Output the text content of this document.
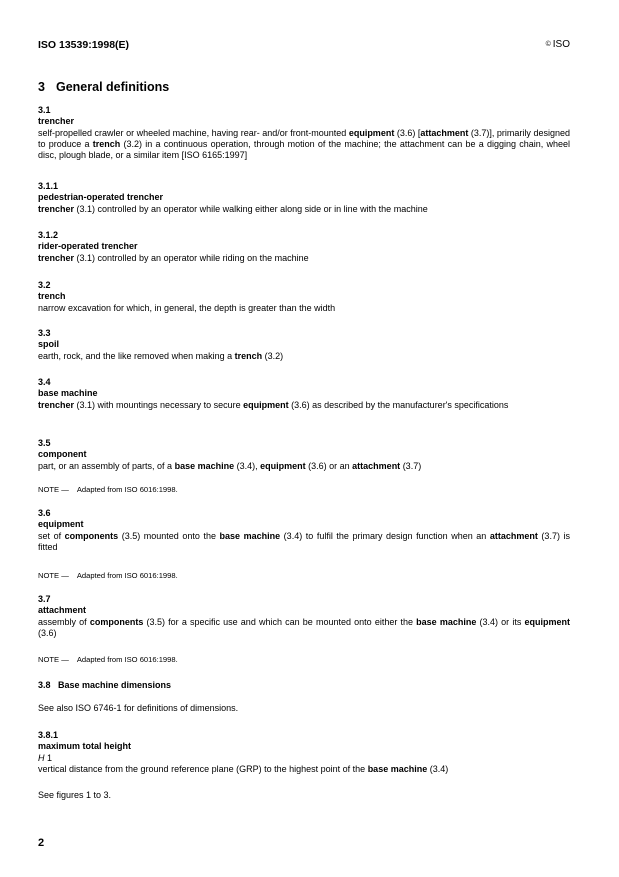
ISO 13539:1998(E)	© ISO
3 General definitions
3.1
trencher
self-propelled crawler or wheeled machine, having rear- and/or front-mounted equipment (3.6) [attachment (3.7)], primarily designed to produce a trench (3.2) in a continuous operation, through motion of the machine; the attachment can be a digging chain, wheel disc, plough blade, or a similar item [ISO 6165:1997]
3.1.1
pedestrian-operated trencher
trencher (3.1) controlled by an operator while walking either along side or in line with the machine
3.1.2
rider-operated trencher
trencher (3.1) controlled by an operator while riding on the machine
3.2
trench
narrow excavation for which, in general, the depth is greater than the width
3.3
spoil
earth, rock, and the like removed when making a trench (3.2)
3.4
base machine
trencher (3.1) with mountings necessary to secure equipment (3.6) as described by the manufacturer's specifications
3.5
component
part, or an assembly of parts, of a base machine (3.4), equipment (3.6) or an attachment (3.7)
NOTE — Adapted from ISO 6016:1998.
3.6
equipment
set of components (3.5) mounted onto the base machine (3.4) to fulfil the primary design function when an attachment (3.7) is fitted
NOTE — Adapted from ISO 6016:1998.
3.7
attachment
assembly of components (3.5) for a specific use and which can be mounted onto either the base machine (3.4) or its equipment (3.6)
NOTE — Adapted from ISO 6016:1998.
3.8 Base machine dimensions
See also ISO 6746-1 for definitions of dimensions.
3.8.1
maximum total height
H 1
vertical distance from the ground reference plane (GRP) to the highest point of the base machine (3.4)
See figures 1 to 3.
2
